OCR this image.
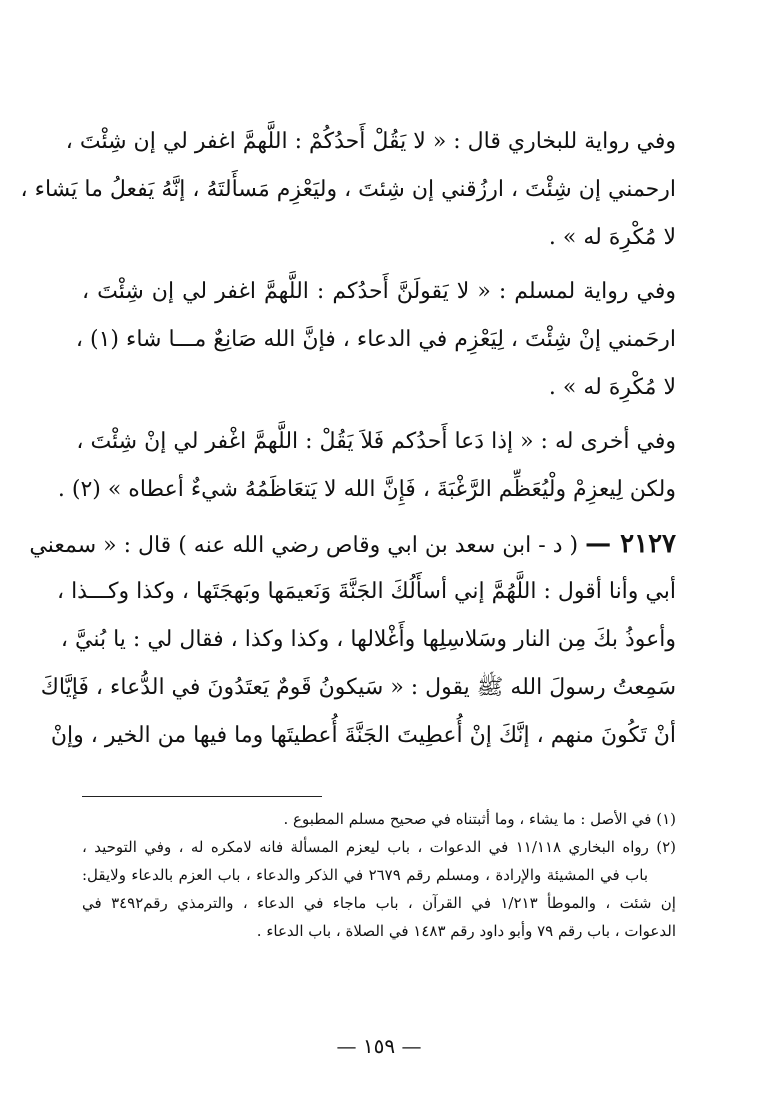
وفي رواية للبخاري قال : « لا يَقُلْ أَحدُكُمْ : اللَّهمَّ اغفر لي إن شِئْتَ ،
ارحمني إن شِئْتَ ، ارزُقني إن شِئتَ ، وليَعْزِم مَسأَلتَهُ ، إنَّهُ يَفعلُ ما يَشاء ،
لا مُكْرِهَ له » .
وفي رواية لمسلم : « لا يَقولَنَّ أَحدُكم : اللَّهمَّ اغفر لي إن شِئْتَ ،
ارحَمني إنْ شِئْتَ ، لِيَعْزِم في الدعاء ، فإنَّ الله صَانِعٌ مـــا شاء (١) ،
لا مُكْرِهَ له » .
وفي أخرى له : « إذا دَعا أَحدُكم فَلاَ يَقُلْ : اللَّهمَّ اغْفر لي إنْ شِئْتَ ،
ولكن لِيعزِمْ ولْيُعَظِّم الرَّغْبَةَ ، فَإِنَّ الله لا يَتعَاظَمُهُ شيءٌ أعطاه » (٢) .
٢١٢٧ — ( د - ابن سعد بن ابي وقاص رضي الله عنه ) قال : « سمعني
أبي وأنا أقول : اللَّهُمَّ إني أسأَلُكَ الجَنَّةَ وَنَعيمَها وبَهجَتَها ، وكذا وكـــذا ،
وأعوذُ بكَ مِن النار وسَلاسِلِها وأَغْلالها ، وكذا وكذا ، فقال لي : يا بُنيَّ ،
سَمِعتُ رسولَ الله ﷺ يقول : « سَيكونُ قَومٌ يَعتَدُونَ في الدُّعاء ، فَإيَّاكَ
أنْ تَكُونَ منهم ، إنَّكَ إنْ أُعطِيتَ الجَنَّةَ أُعطيتَها وما فيها من الخير ، وإنْ
(١) في الأصل : ما يشاء ، وما أثبتناه في صحيح مسلم المطبوع .
(٢) رواه البخاري ١١/١١٨ في الدعوات ، باب ليعزم المسألة فانه لامكره له ، وفي التوحيد ،
باب في المشيئة والإرادة ، ومسلم رقم ٢٦٧٩ في الذكر والدعاء ، باب العزم بالدعاء ولايقل:
إن شئت ، والموطأ ١/٢١٣ في القرآن ، باب ماجاء في الدعاء ، والترمذي رقم٣٤٩٢ في
الدعوات ، باب رقم ٧٩ وأبو داود رقم ١٤٨٣ في الصلاة ، باب الدعاء .
— ١٥٩ —
